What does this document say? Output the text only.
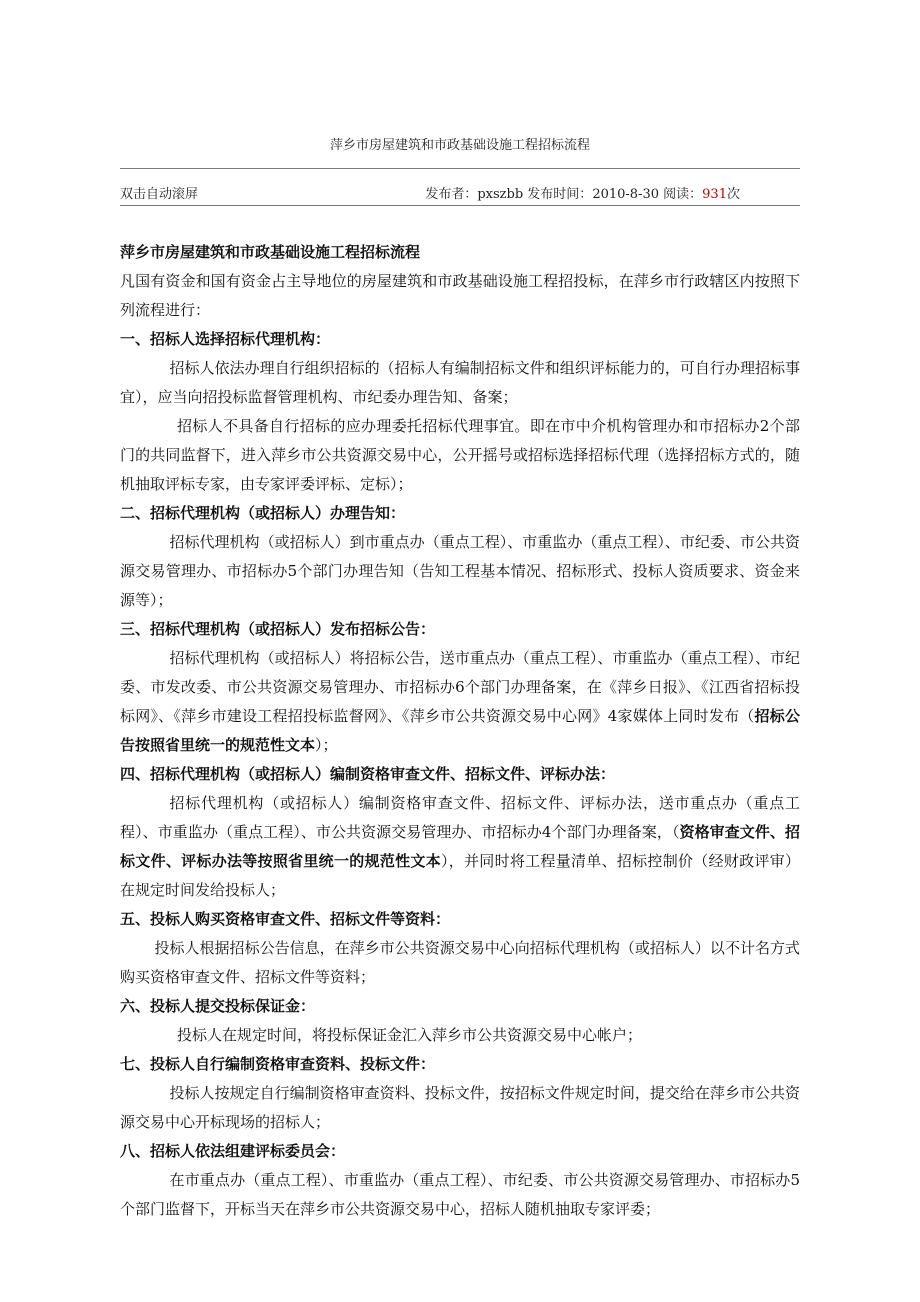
萍乡市房屋建筑和市政基础设施工程招标流程
双击自动滚屏	发布者：pxszbb 发布时间：2010-8-30 阅读：931次

萍乡市房屋建筑和市政基础设施工程招标流程

凡国有资金和国有资金占主导地位的房屋建筑和市政基础设施工程招投标，在萍乡市行政辖区内按照下列流程进行：

一、招标人选择招标代理机构：

招标人依法办理自行组织招标的（招标人有编制招标文件和组织评标能力的，可自行办理招标事宜），应当向招投标监督管理机构、市纪委办理告知、备案；

招标人不具备自行招标的应办理委托招标代理事宜。即在市中介机构管理办和市招标办2个部门的共同监督下，进入萍乡市公共资源交易中心，公开摇号或招标选择招标代理（选择招标方式的，随机抽取评标专家，由专家评委评标、定标）；

二、招标代理机构（或招标人）办理告知：

招标代理机构（或招标人）到市重点办（重点工程）、市重监办（重点工程）、市纪委、市公共资源交易管理办、市招标办5个部门办理告知（告知工程基本情况、招标形式、投标人资质要求、资金来源等）；

三、招标代理机构（或招标人）发布招标公告：

招标代理机构（或招标人）将招标公告，送市重点办（重点工程）、市重监办（重点工程）、市纪委、市发改委、市公共资源交易管理办、市招标办6个部门办理备案，在《萍乡日报》、《江西省招标投标网》、《萍乡市建设工程招投标监督网》、《萍乡市公共资源交易中心网》4家媒体上同时发布（招标公告按照省里统一的规范性文本）；

四、招标代理机构（或招标人）编制资格审查文件、招标文件、评标办法：

招标代理机构（或招标人）编制资格审查文件、招标文件、评标办法，送市重点办（重点工程）、市重监办（重点工程）、市公共资源交易管理办、市招标办4个部门办理备案，（资格审查文件、招标文件、评标办法等按照省里统一的规范性文本），并同时将工程量清单、招标控制价（经财政评审）在规定时间发给投标人；

五、投标人购买资格审查文件、招标文件等资料：

投标人根据招标公告信息，在萍乡市公共资源交易中心向招标代理机构（或招标人）以不计名方式购买资格审查文件、招标文件等资料；

六、投标人提交投标保证金：

投标人在规定时间，将投标保证金汇入萍乡市公共资源交易中心帐户；

七、投标人自行编制资格审查资料、投标文件：

投标人按规定自行编制资格审查资料、投标文件，按招标文件规定时间，提交给在萍乡市公共资源交易中心开标现场的招标人；

八、招标人依法组建评标委员会：

在市重点办（重点工程）、市重监办（重点工程）、市纪委、市公共资源交易管理办、市招标办5个部门监督下，开标当天在萍乡市公共资源交易中心，招标人随机抽取专家评委；
